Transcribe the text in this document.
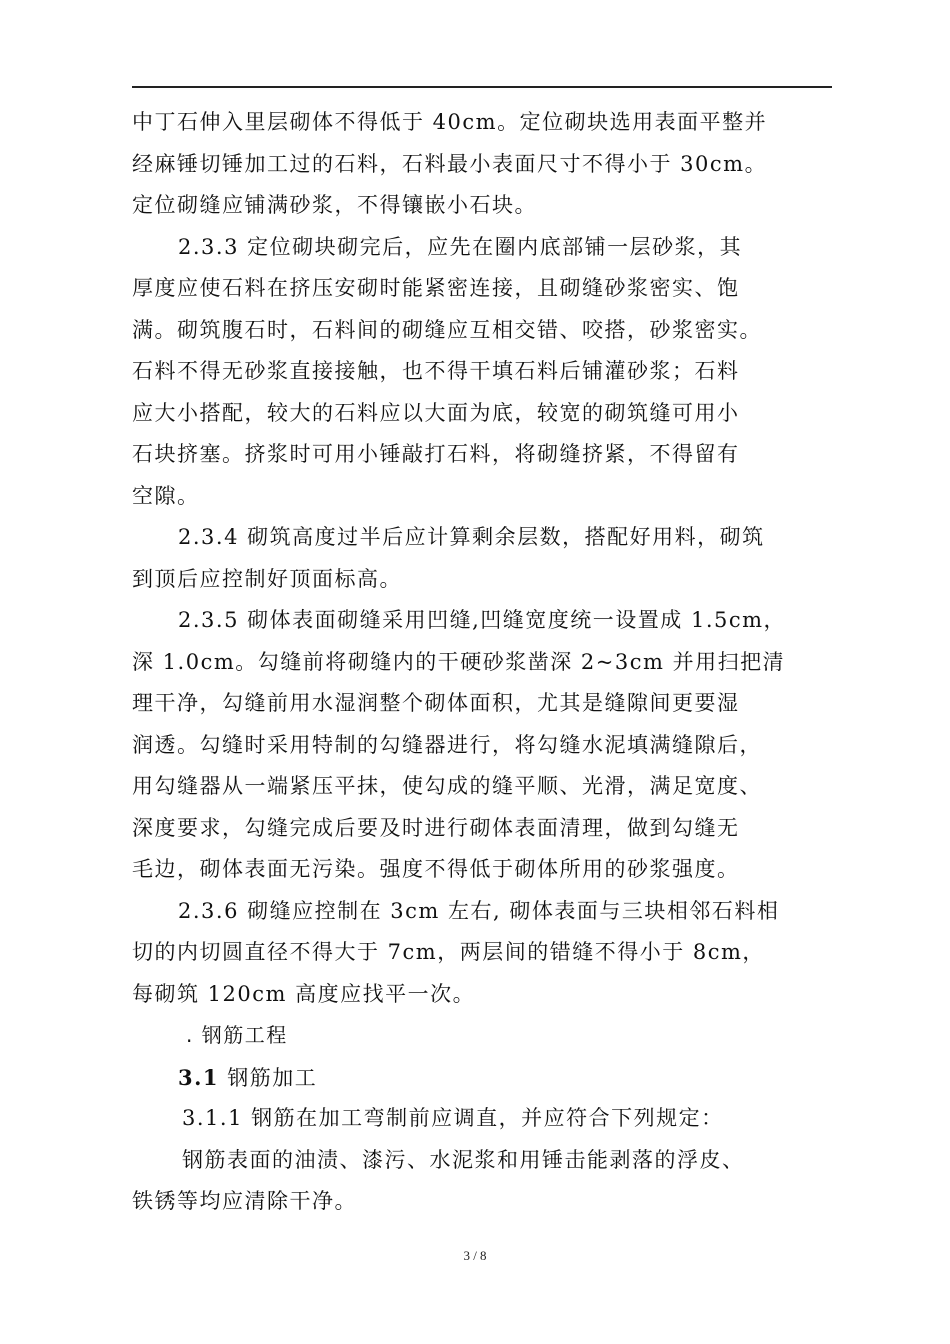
中丁石伸入里层砌体不得低于 40cm。定位砌块选用表面平整并
经麻锤切锤加工过的石料，石料最小表面尺寸不得小于 30cm。
定位砌缝应铺满砂浆，不得镶嵌小石块。
2.3.3 定位砌块砌完后，应先在圈内底部铺一层砂浆，其
厚度应使石料在挤压安砌时能紧密连接，且砌缝砂浆密实、饱
满。砌筑腹石时，石料间的砌缝应互相交错、咬搭，砂浆密实。
石料不得无砂浆直接接触，也不得干填石料后铺灌砂浆；石料
应大小搭配，较大的石料应以大面为底，较宽的砌筑缝可用小
石块挤塞。挤浆时可用小锤敲打石料，将砌缝挤紧，不得留有
空隙。
2.3.4 砌筑高度过半后应计算剩余层数，搭配好用料，砌筑
到顶后应控制好顶面标高。
2.3.5 砌体表面砌缝采用凹缝,凹缝宽度统一设置成 1.5cm，
深 1.0cm。勾缝前将砌缝内的干硬砂浆凿深 2~3cm 并用扫把清
理干净，勾缝前用水湿润整个砌体面积，尤其是缝隙间更要湿
润透。勾缝时采用特制的勾缝器进行，将勾缝水泥填满缝隙后，
用勾缝器从一端紧压平抹，使勾成的缝平顺、光滑，满足宽度、
深度要求，勾缝完成后要及时进行砌体表面清理，做到勾缝无
毛边，砌体表面无污染。强度不得低于砌体所用的砂浆强度。
2.3.6 砌缝应控制在 3cm 左右, 砌体表面与三块相邻石料相
切的内切圆直径不得大于 7cm，两层间的错缝不得小于 8cm，
每砌筑 120cm 高度应找平一次。
. 钢筋工程
3.1 钢筋加工
3.1.1 钢筋在加工弯制前应调直，并应符合下列规定：
钢筋表面的油渍、漆污、水泥浆和用锤击能剥落的浮皮、
铁锈等均应清除干净。
3 / 8
